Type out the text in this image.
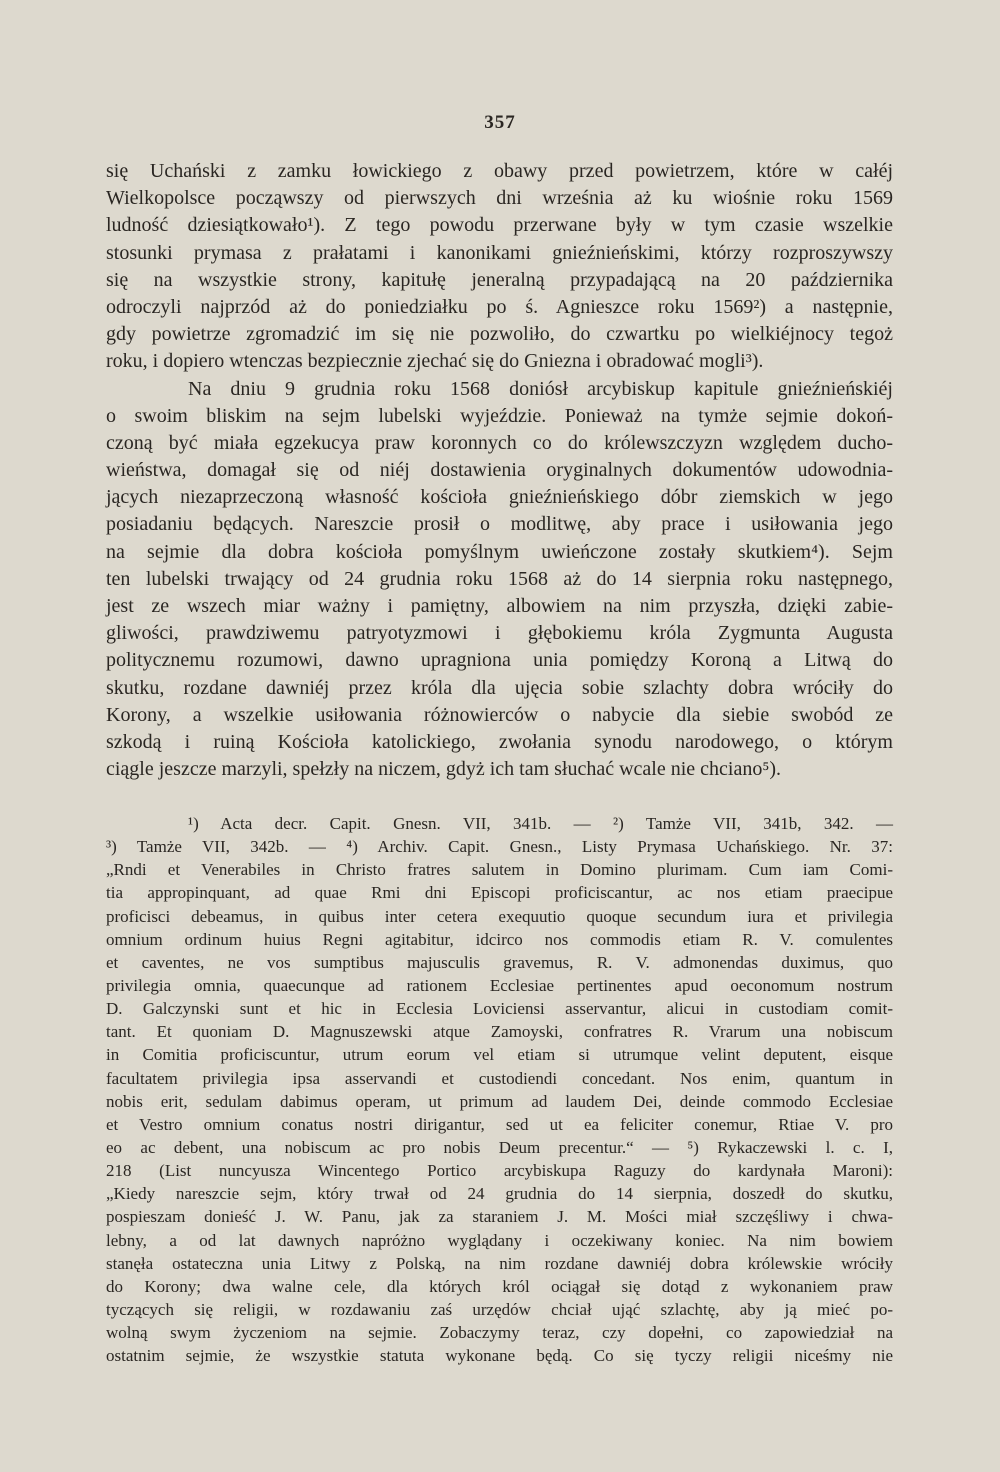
357
się Uchański z zamku łowickiego z obawy przed powietrzem, które w całéj
Wielkopolsce począwszy od pierwszych dni września aż ku wiośnie roku 1569
ludność dziesiątkowało¹). Z tego powodu przerwane były w tym czasie wszelkie
stosunki prymasa z prałatami i kanonikami gnieźnieńskimi, którzy rozproszywszy
się na wszystkie strony, kapitułę jeneralną przypadającą na 20 października
odroczyli najprzód aż do poniedziałku po ś. Agnieszce roku 1569²) a następnie,
gdy powietrze zgromadzić im się nie pozwoliło, do czwartku po wielkiéjnocy tegoż
roku, i dopiero wtenczas bezpiecznie zjechać się do Gniezna i obradować mogli³).
Na dniu 9 grudnia roku 1568 doniósł arcybiskup kapitule gnieźnieńskiéj
o swoim bliskim na sejm lubelski wyjeździe. Ponieważ na tymże sejmie dokoń-
czoną być miała egzekucya praw koronnych co do królewszczyzn względem ducho-
wieństwa, domagał się od niéj dostawienia oryginalnych dokumentów udowodnia-
jących niezaprzeczoną własność kościoła gnieźnieńskiego dóbr ziemskich w jego
posiadaniu będących. Nareszcie prosił o modlitwę, aby prace i usiłowania jego
na sejmie dla dobra kościoła pomyślnym uwieńczone zostały skutkiem⁴). Sejm
ten lubelski trwający od 24 grudnia roku 1568 aż do 14 sierpnia roku następnego,
jest ze wszech miar ważny i pamiętny, albowiem na nim przyszła, dzięki zabie-
gliwości, prawdziwemu patryotyzmowi i głębokiemu króla Zygmunta Augusta
politycznemu rozumowi, dawno upragniona unia pomiędzy Koroną a Litwą do
skutku, rozdane dawniéj przez króla dla ujęcia sobie szlachty dobra wróciły do
Korony, a wszelkie usiłowania różnowierców o nabycie dla siebie swobód ze
szkodą i ruiną Kościoła katolickiego, zwołania synodu narodowego, o którym
ciągle jeszcze marzyli, spełzły na niczem, gdyż ich tam słuchać wcale nie chciano⁵).
¹) Acta decr. Capit. Gnesn. VII, 341b. — ²) Tamże VII, 341b, 342. —
³) Tamże VII, 342b. — ⁴) Archiv. Capit. Gnesn., Listy Prymasa Uchańskiego. Nr. 37:
„Rndi et Venerabiles in Christo fratres salutem in Domino plurimam. Cum iam Comi-
tia appropinquant, ad quae Rmi dni Episcopi proficiscantur, ac nos etiam praecipue
proficisci debeamus, in quibus inter cetera exequutio quoque secundum iura et privilegia
omnium ordinum huius Regni agitabitur, idcirco nos commodis etiam R. V. comulentes
et caventes, ne vos sumptibus majusculis gravemus, R. V. admonendas duximus, quo
privilegia omnia, quaecunque ad rationem Ecclesiae pertinentes apud oeconomum nostrum
D. Galczynski sunt et hic in Ecclesia Loviciensi asservantur, alicui in custodiam comit-
tant. Et quoniam D. Magnuszewski atque Zamoyski, confratres R. Vrarum una nobiscum
in Comitia proficiscuntur, utrum eorum vel etiam si utrumque velint deputent, eisque
facultatem privilegia ipsa asservandi et custodiendi concedant. Nos enim, quantum in
nobis erit, sedulam dabimus operam, ut primum ad laudem Dei, deinde commodo Ecclesiae
et Vestro omnium conatus nostri dirigantur, sed ut ea feliciter conemur, Rtiae V. pro
eo ac debent, una nobiscum ac pro nobis Deum precentur.“ — ⁵) Rykaczewski l. c. I,
218 (List nuncyusza Wincentego Portico arcybiskupa Raguzy do kardynała Maroni):
„Kiedy nareszcie sejm, który trwał od 24 grudnia do 14 sierpnia, doszedł do skutku,
pospieszam donieść J. W. Panu, jak za staraniem J. M. Mości miał szczęśliwy i chwa-
lebny, a od lat dawnych napróżno wyglądany i oczekiwany koniec. Na nim bowiem
stanęła ostateczna unia Litwy z Polską, na nim rozdane dawniéj dobra królewskie wróciły
do Korony; dwa walne cele, dla których król ociągał się dotąd z wykonaniem praw
tyczących się religii, w rozdawaniu zaś urzędów chciał ująć szlachtę, aby ją mieć po-
wolną swym życzeniom na sejmie. Zobaczymy teraz, czy dopełni, co zapowiedział na
ostatnim sejmie, że wszystkie statuta wykonane będą. Co się tyczy religii niceśmy nie
